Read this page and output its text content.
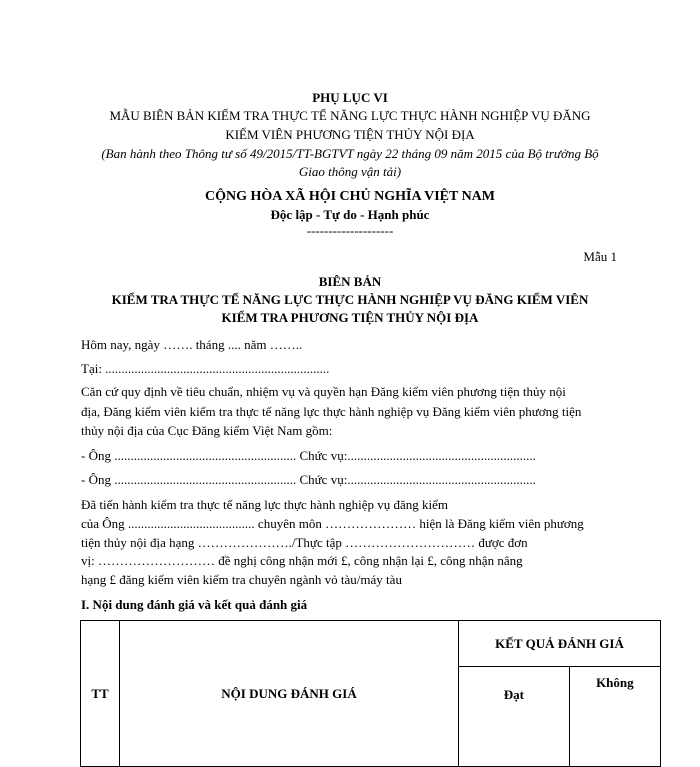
PHỤ LỤC VI
MẪU BIÊN BẢN KIỂM TRA THỰC TẾ NĂNG LỰC THỰC HÀNH NGHIỆP VỤ ĐĂNG
KIỂM VIÊN PHƯƠNG TIỆN THỦY NỘI ĐỊA
(Ban hành theo Thông tư số 49/2015/TT-BGTVT ngày 22 tháng 09 năm 2015 của Bộ trưởng Bộ
Giao thông vận tải)
CỘNG HÒA XÃ HỘI CHỦ NGHĨA VIỆT NAM
Độc lập - Tự do - Hạnh phúc
--------------------
Mẫu 1
BIÊN BẢN
KIỂM TRA THỰC TẾ NĂNG LỰC THỰC HÀNH NGHIỆP VỤ ĐĂNG KIỂM VIÊN
KIỂM TRA PHƯƠNG TIỆN THỦY NỘI ĐỊA
Hôm nay, ngày ……. tháng .... năm ……..
Tại: .....................................................................
Căn cứ quy định về tiêu chuẩn, nhiệm vụ và quyền hạn Đăng kiểm viên phương tiện thủy nội
địa, Đăng kiểm viên kiểm tra thực tế năng lực thực hành nghiệp vụ Đăng kiểm viên phương tiện
thủy nội địa của Cục Đăng kiểm Việt Nam gồm:
- Ông ........................................................ Chức vụ:..........................................................
- Ông ........................................................ Chức vụ:..........................................................
Đã tiến hành kiểm tra thực tế năng lực thực hành nghiệp vụ đăng kiểm
của Ông ....................................... chuyên môn ………………… hiện là Đăng kiểm viên phương
tiện thủy nội địa hạng …………………./Thực tập ………………………… được đơn
vị: ……………………… đề nghị công nhận mới £, công nhận lại £, công nhận nâng
hạng £ đăng kiểm viên kiểm tra chuyên ngành vỏ tàu/máy tàu
I. Nội dung đánh giá và kết quả đánh giá
TT	NỘI DUNG ĐÁNH GIÁ	KẾT QUẢ ĐÁNH GIÁ	
		Đạt	Không
